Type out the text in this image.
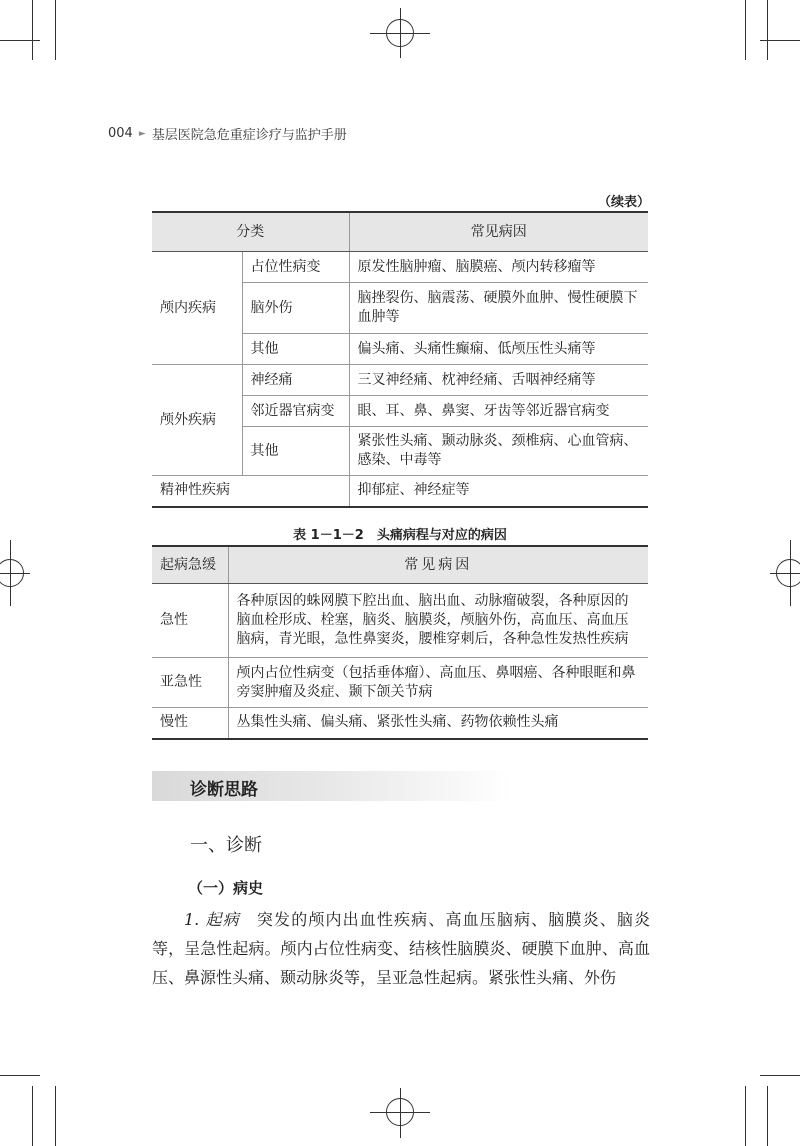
004 ► 基层医院急危重症诊疗与监护手册
（续表）
分类		常见病因
颅内疾病	占位性病变	原发性脑肿瘤、脑膜癌、颅内转移瘤等
	脑外伤	脑挫裂伤、脑震荡、硬膜外血肿、慢性硬膜下血肿等
	其他	偏头痛、头痛性癫痫、低颅压性头痛等
颅外疾病	神经痛	三叉神经痛、枕神经痛、舌咽神经痛等
	邻近器官病变	眼、耳、鼻、鼻窦、牙齿等邻近器官病变
	其他	紧张性头痛、颞动脉炎、颈椎病、心血管病、感染、中毒等
精神性疾病		抑郁症、神经症等
表 1－1－2　头痛病程与对应的病因
起病急缓	常见病因
急性	各种原因的蛛网膜下腔出血、脑出血、动脉瘤破裂，各种原因的脑血栓形成、栓塞，脑炎、脑膜炎，颅脑外伤，高血压、高血压脑病，青光眼，急性鼻窦炎，腰椎穿刺后，各种急性发热性疾病
亚急性	颅内占位性病变（包括垂体瘤）、高血压、鼻咽癌、各种眼眶和鼻旁窦肿瘤及炎症、颞下颌关节病
慢性	丛集性头痛、偏头痛、紧张性头痛、药物依赖性头痛
诊断思路
一、诊断
（一）病史
1. 起病　突发的颅内出血性疾病、高血压脑病、脑膜炎、脑炎等，呈急性起病。颅内占位性病变、结核性脑膜炎、硬膜下血肿、高血压、鼻源性头痛、颞动脉炎等，呈亚急性起病。紧张性头痛、外伤
